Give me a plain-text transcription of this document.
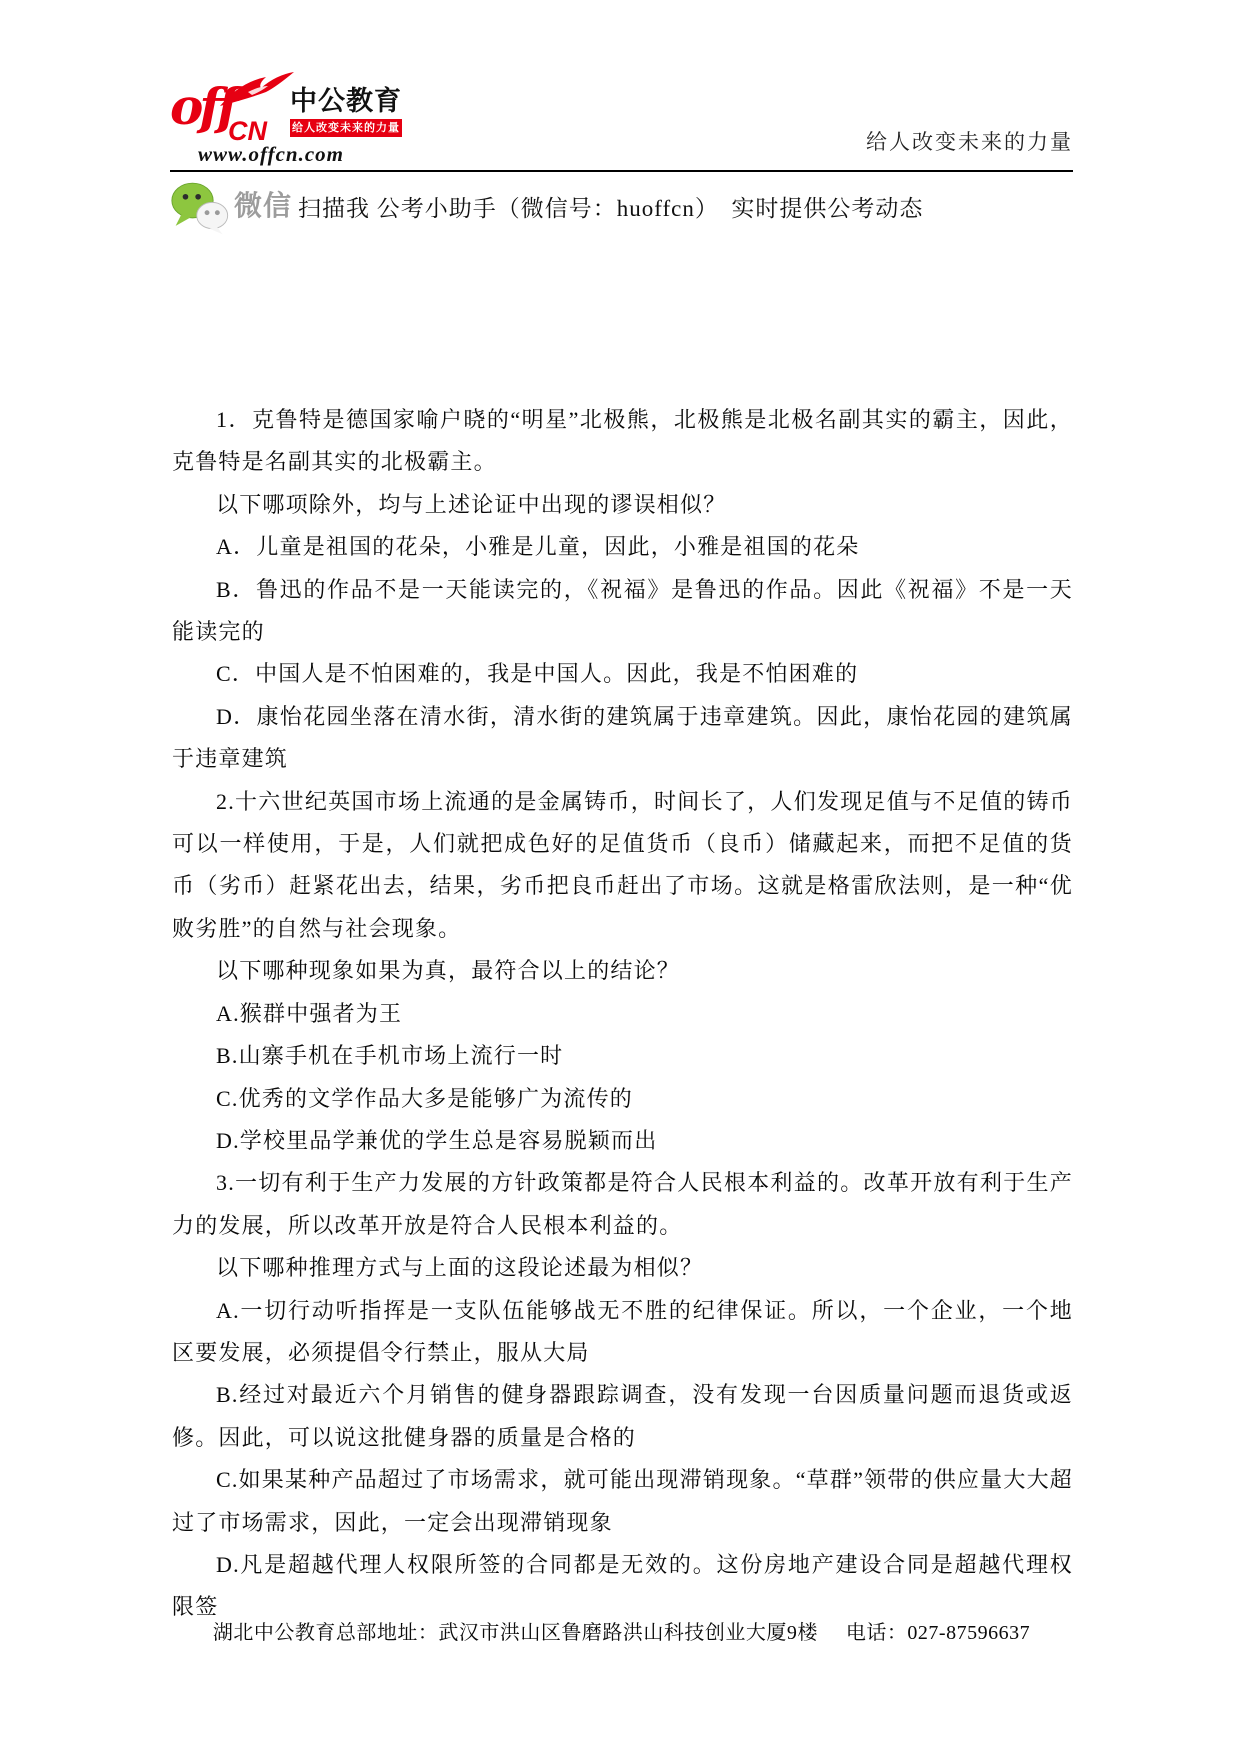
off
CN
中公教育
给人改变未来的力量
www.offcn.com	给人改变未来的力量
微信 扫描我 公考小助手（微信号：huoffcn）　实时提供公考动态

1．克鲁特是德国家喻户晓的“明星”北极熊，北极熊是北极名副其实的霸主，因此，克鲁特是名副其实的北极霸主。

以下哪项除外，均与上述论证中出现的谬误相似？

A．儿童是祖国的花朵，小雅是儿童，因此，小雅是祖国的花朵

B．鲁迅的作品不是一天能读完的，《祝福》是鲁迅的作品。因此《祝福》不是一天能读完的

C．中国人是不怕困难的，我是中国人。因此，我是不怕困难的

D．康怡花园坐落在清水街，清水街的建筑属于违章建筑。因此，康怡花园的建筑属于违章建筑

2.十六世纪英国市场上流通的是金属铸币，时间长了，人们发现足值与不足值的铸币可以一样使用，于是，人们就把成色好的足值货币（良币）储藏起来，而把不足值的货币（劣币）赶紧花出去，结果，劣币把良币赶出了市场。这就是格雷欣法则，是一种“优败劣胜”的自然与社会现象。

以下哪种现象如果为真，最符合以上的结论？

A.猴群中强者为王

B.山寨手机在手机市场上流行一时

C.优秀的文学作品大多是能够广为流传的

D.学校里品学兼优的学生总是容易脱颖而出

3.一切有利于生产力发展的方针政策都是符合人民根本利益的。改革开放有利于生产力的发展，所以改革开放是符合人民根本利益的。

以下哪种推理方式与上面的这段论述最为相似？

A.一切行动听指挥是一支队伍能够战无不胜的纪律保证。所以，一个企业，一个地区要发展，必须提倡令行禁止，服从大局

B.经过对最近六个月销售的健身器跟踪调查，没有发现一台因质量问题而退货或返修。因此，可以说这批健身器的质量是合格的

C.如果某种产品超过了市场需求，就可能出现滞销现象。“草群”领带的供应量大大超过了市场需求，因此，一定会出现滞销现象

D.凡是超越代理人权限所签的合同都是无效的。这份房地产建设合同是超越代理权限签

湖北中公教育总部地址：武汉市洪山区鲁磨路洪山科技创业大厦9楼 电话：027-87596637
